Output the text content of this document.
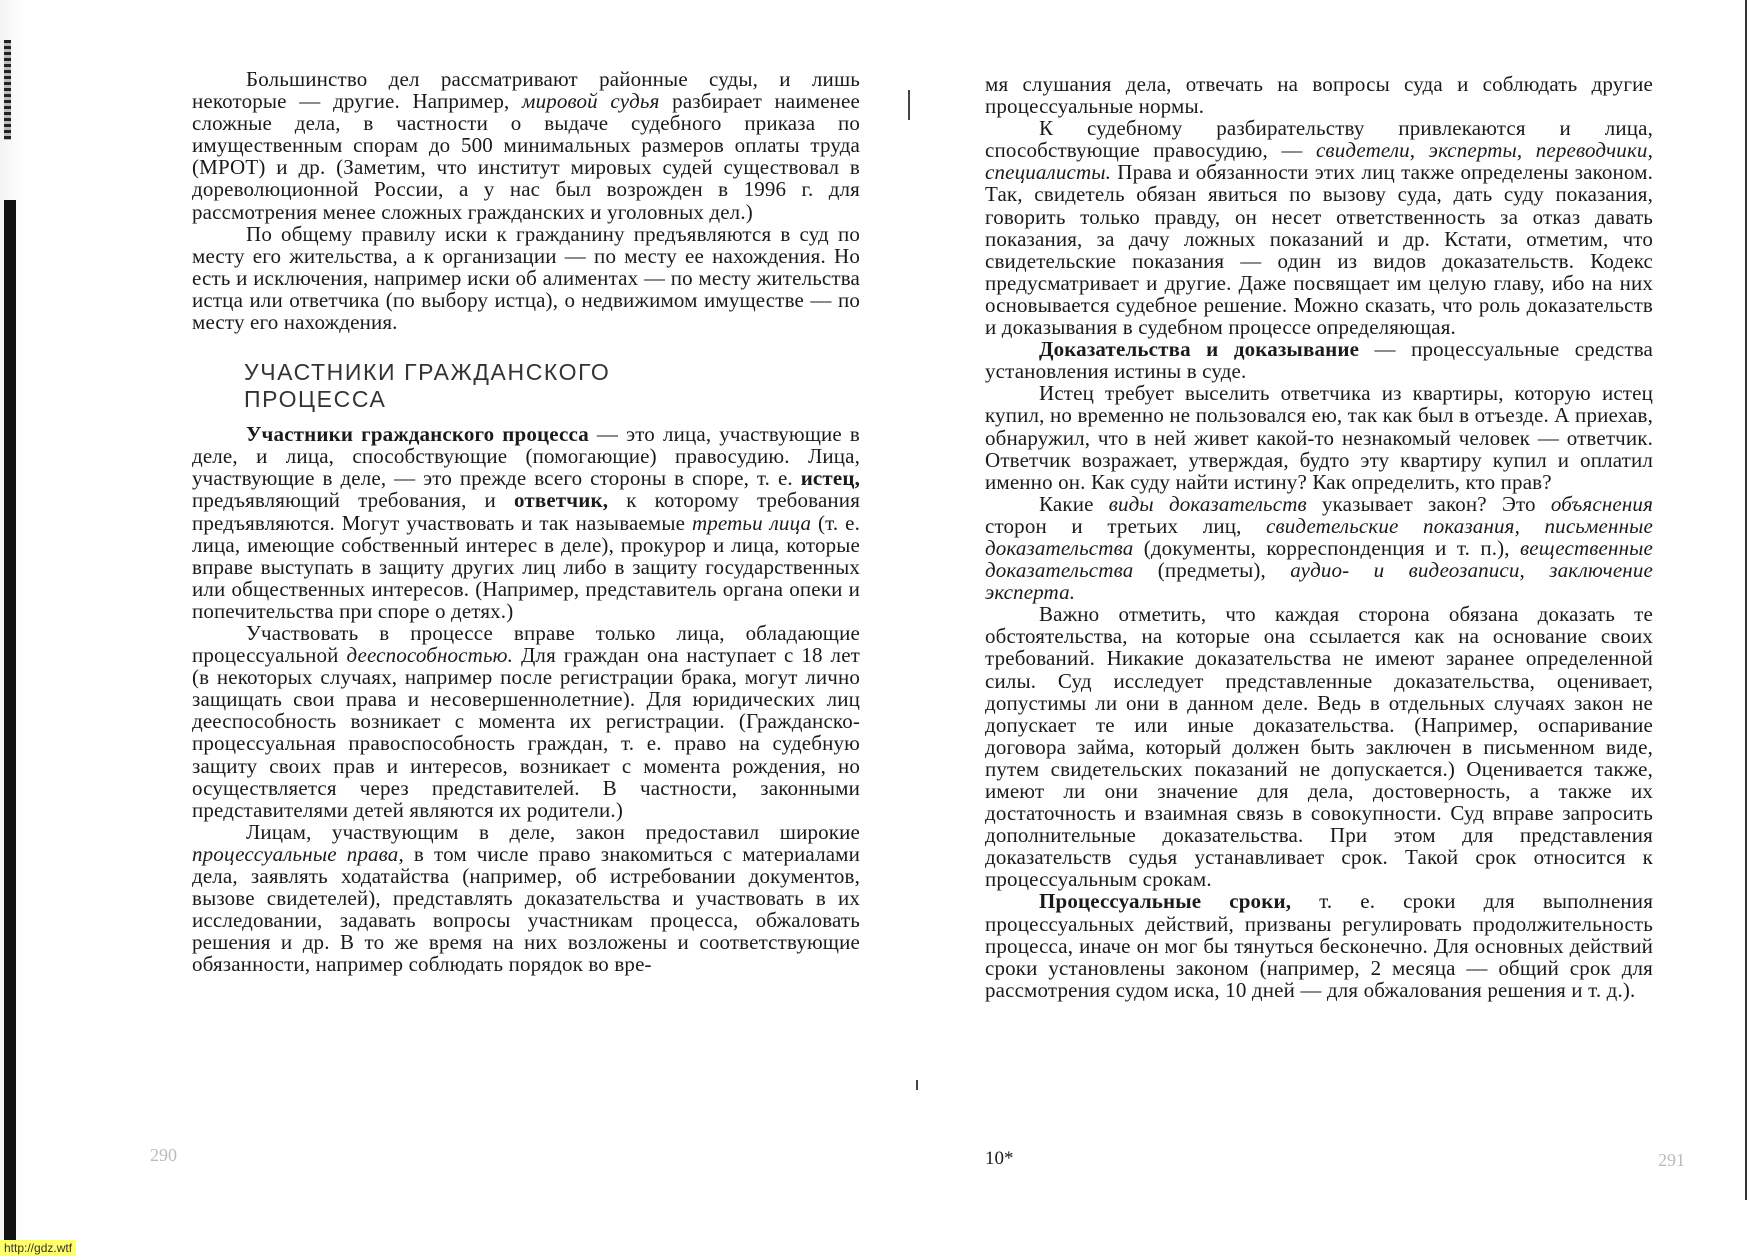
Большинство дел рассматривают районные суды, и лишь некоторые — другие. Например, мировой судья разбирает наименее сложные дела, в частности о выдаче судебного приказа по имущественным спорам до 500 минимальных размеров оплаты труда (МРОТ) и др. (Заметим, что институт мировых судей существовал в дореволюционной России, а у нас был возрожден в 1996 г. для рассмотрения менее сложных гражданских и уголовных дел.)

По общему правилу иски к гражданину предъявляются в суд по месту его жительства, а к организации — по месту ее нахождения. Но есть и исключения, например иски об алиментах — по месту жительства истца или ответчика (по выбору истца), о недвижимом имуществе — по месту его нахождения.

УЧАСТНИКИ ГРАЖДАНСКОГО
ПРОЦЕССА

Участники гражданского процесса — это лица, участвующие в деле, и лица, способствующие (помогающие) правосудию. Лица, участвующие в деле, — это прежде всего стороны в споре, т. е. истец, предъявляющий требования, и ответчик, к которому требования предъявляются. Могут участвовать и так называемые третьи лица (т. е. лица, имеющие собственный интерес в деле), прокурор и лица, которые вправе выступать в защиту других лиц либо в защиту государственных или общественных интересов. (Например, представитель органа опеки и попечительства при споре о детях.)

Участвовать в процессе вправе только лица, обладающие процессуальной дееспособностью. Для граждан она наступает с 18 лет (в некоторых случаях, например после регистрации брака, могут лично защищать свои права и несовершеннолетние). Для юридических лиц дееспособность возникает с момента их регистрации. (Гражданско-процессуальная правоспособность граждан, т. е. право на судебную защиту своих прав и интересов, возникает с момента рождения, но осуществляется через представителей. В частности, законными представителями детей являются их родители.)

Лицам, участвующим в деле, закон предоставил широкие процессуальные права, в том числе право знакомиться с материалами дела, заявлять ходатайства (например, об истребовании документов, вызове свидетелей), представлять доказательства и участвовать в их исследовании, задавать вопросы участникам процесса, обжаловать решения и др. В то же время на них возложены и соответствующие обязанности, например соблюдать порядок во вре-

мя слушания дела, отвечать на вопросы суда и соблюдать другие процессуальные нормы.

К судебному разбирательству привлекаются и лица, способствующие правосудию, — свидетели, эксперты, переводчики, специалисты. Права и обязанности этих лиц также определены законом. Так, свидетель обязан явиться по вызову суда, дать суду показания, говорить только правду, он несет ответственность за отказ давать показания, за дачу ложных показаний и др. Кстати, отметим, что свидетельские показания — один из видов доказательств. Кодекс предусматривает и другие. Даже посвящает им целую главу, ибо на них основывается судебное решение. Можно сказать, что роль доказательств и доказывания в судебном процессе определяющая.

Доказательства и доказывание — процессуальные средства установления истины в суде.

Истец требует выселить ответчика из квартиры, которую истец купил, но временно не пользовался ею, так как был в отъезде. А приехав, обнаружил, что в ней живет какой-то незнакомый человек — ответчик. Ответчик возражает, утверждая, будто эту квартиру купил и оплатил именно он. Как суду найти истину? Как определить, кто прав?

Какие виды доказательств указывает закон? Это объяснения сторон и третьих лиц, свидетельские показания, письменные доказательства (документы, корреспонденция и т. п.), вещественные доказательства (предметы), аудио- и видеозаписи, заключение эксперта.

Важно отметить, что каждая сторона обязана доказать те обстоятельства, на которые она ссылается как на основание своих требований. Никакие доказательства не имеют заранее определенной силы. Суд исследует представленные доказательства, оценивает, допустимы ли они в данном деле. Ведь в отдельных случаях закон не допускает те или иные доказательства. (Например, оспаривание договора займа, который должен быть заключен в письменном виде, путем свидетельских показаний не допускается.) Оценивается также, имеют ли они значение для дела, достоверность, а также их достаточность и взаимная связь в совокупности. Суд вправе запросить дополнительные доказательства. При этом для представления доказательств судья устанавливает срок. Такой срок относится к процессуальным срокам.

Процессуальные сроки, т. е. сроки для выполнения процессуальных действий, призваны регулировать продолжительность процесса, иначе он мог бы тянуться бесконечно. Для основных действий сроки установлены законом (например, 2 месяца — общий срок для рассмотрения судом иска, 10 дней — для обжалования решения и т. д.).

290	10*	291
http://gdz.wtf
